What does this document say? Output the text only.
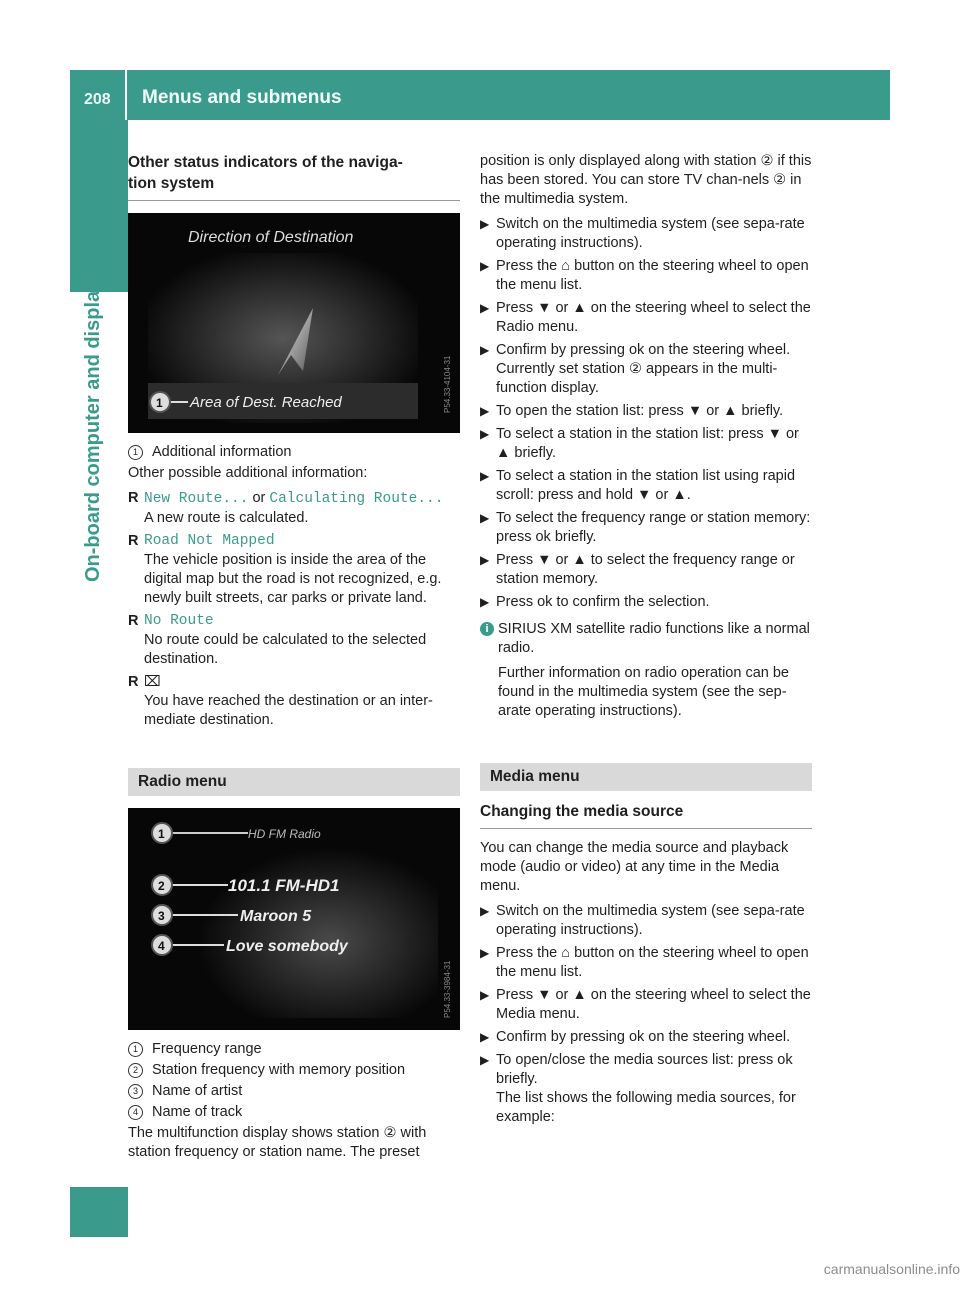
208 Menus and submenus
On-board computer and displays
Other status indicators of the naviga-
tion system
Direction of Destination
1 Area of Dest. Reached	P54.33-4104-31
1 Additional information

Other possible additional information:

R New Route... or Calculating Route...
A new route is calculated.
R Road Not Mapped
The vehicle position is inside the area of the digital map but the road is not recognized, e.g. newly built streets, car parks or private land.
R No Route
No route could be calculated to the selected destination.
R ⌧
You have reached the destination or an inter-mediate destination.
Radio menu
1	HD FM Radio
2	101.1 FM-HD1
3	Maroon 5
4	Love somebody
P54.33-3984-31
1 Frequency range
2 Station frequency with memory position
3 Name of artist
4 Name of track

The multifunction display shows station ② with station frequency or station name. The preset

position is only displayed along with station ② if this has been stored. You can store TV chan-nels ② in the multimedia system.

▶ Switch on the multimedia system (see sepa-rate operating instructions).
▶ Press the ⌂ button on the steering wheel to open the menu list.
▶ Press ▼ or ▲ on the steering wheel to select the Radio menu.
▶ Confirm by pressing ok on the steering wheel.
Currently set station ② appears in the multi-function display.
▶ To open the station list: press ▼ or ▲ briefly.
▶ To select a station in the station list: press ▼ or ▲ briefly.
▶ To select a station in the station list using rapid scroll: press and hold ▼ or ▲.
▶ To select the frequency range or station memory: press ok briefly.
▶ Press ▼ or ▲ to select the frequency range or station memory.
▶ Press ok to confirm the selection.
i SIRIUS XM satellite radio functions like a normal radio.

Further information on radio operation can be found in the multimedia system (see the sep-arate operating instructions).

Media menu
Changing the media source

You can change the media source and playback mode (audio or video) at any time in the Media menu.

▶ Switch on the multimedia system (see sepa-rate operating instructions).
▶ Press the ⌂ button on the steering wheel to open the menu list.
▶ Press ▼ or ▲ on the steering wheel to select the Media menu.
▶ Confirm by pressing ok on the steering wheel.
▶ To open/close the media sources list: press ok briefly.
The list shows the following media sources, for example:
carmanualsonline.info
